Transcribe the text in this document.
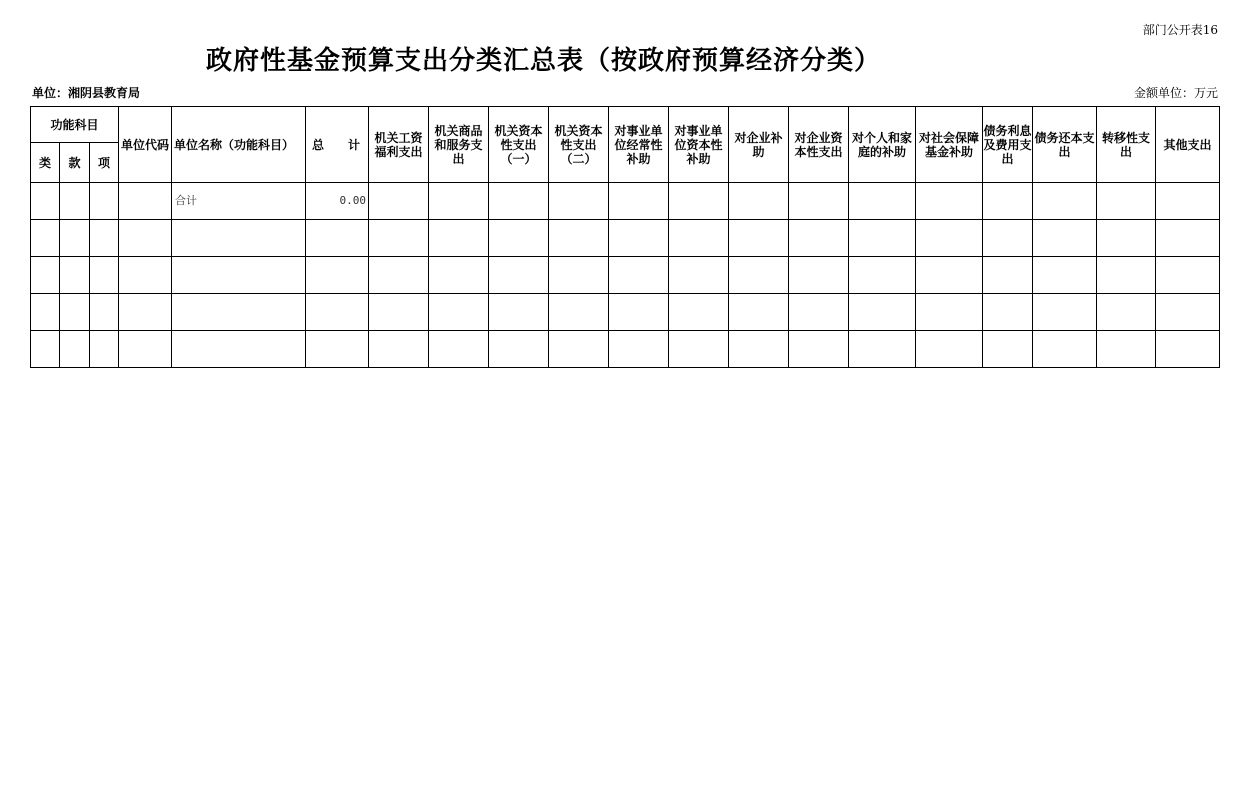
部门公开表16
政府性基金预算支出分类汇总表（按政府预算经济分类）
单位：湘阴县教育局	金额单位：万元
功能科目			单位代码	单位名称（功能科目）	总　　计	机关工资福利支出	机关商品和服务支出	机关资本性支出（一）	机关资本性支出（二）	对事业单位经常性补助	对事业单位资本性补助	对企业补助	对企业资本性支出	对个人和家庭的补助	对社会保障基金补助	债务利息及费用支出	债务还本支出	转移性支出	其他支出
类	款	项																	
				合计	0.00														
